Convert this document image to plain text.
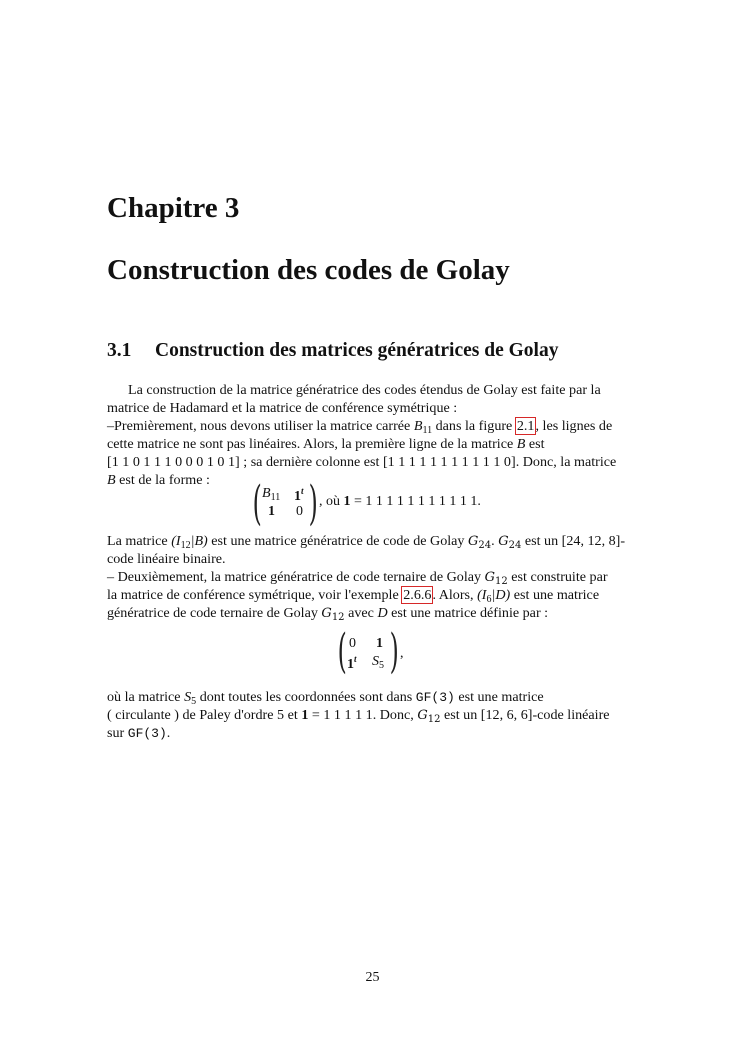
Chapitre 3
Construction des codes de Golay
3.1 Construction des matrices génératrices de Golay
La construction de la matrice génératrice des codes étendus de Golay est faite par la
matrice de Hadamard et la matrice de conférence symétrique :
–Premièrement, nous devons utiliser la matrice carrée $B_{11}$ dans la figure 2.1, les lignes de
cette matrice ne sont pas linéaires. Alors, la première ligne de la matrice B est
[1 1 0 1 1 1 0 0 0 1 0 1] ; sa dernière colonne est [1 1 1 1 1 1 1 1 1 1 1 0]. Donc, la matrice
B est de la forme : ( $B_{11}$ 1$^t$
1 0 ) , où 1 = 1 1 1 1 1 1 1 1 1 1 1.
La matrice $(I_{12}|B)$ est une matrice génératrice de code de Golay $G_{24}$. $G_{24}$ est un [24, 12, 8]-
code linéaire binaire.
– Deuxièmement, la matrice génératrice de code ternaire de Golay $G_{12}$ est construite par
la matrice de conférence symétrique, voir l'exemple 2.6.6. Alors, $(I_6|D)$ est une matrice
génératrice de code ternaire de Golay $G_{12}$ avec D est une matrice définie par :
( 0 1
1$^t$ $S_5$ ) ,
où la matrice $S_5$ dont toutes les coordonnées sont dans GF(3) est une matrice
( circulante ) de Paley d'ordre 5 et 1 = 1 1 1 1 1. Donc, $G_{12}$ est un [12, 6, 6]-code linéaire
sur GF(3).
25
